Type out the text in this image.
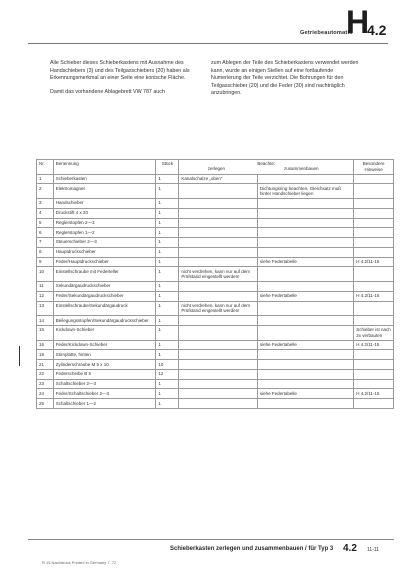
Getriebeautomatik
H
4.2

Alle Schieber dieses Schieberkastens mit Ausnahme des Handschiebers (3) und des Teilgasschiebers (20) haben als Erkennungsmerkmal an einer Seite eine konische Fläche.

Damit das vorhandene Ablagebrett VW 787 auch

zum Ablegen der Teile des Schieberkastens verwendet werden kann, wurde an einigen Stellen auf eine fortlaufende Numerierung der Teile verzichtet. Die Bohrungen für den Teilgasschieber (20) und die Feder (30) sind nachträglich anzubringen.

Nr.	Benennung	Stück	Beachte:
zerlegen zusammenbauen		Besondere Hinweise
1	Schieberkasten	1	Kanalschalze „oben“		
2	Elektromagnet	1		Dichtungsring beachten, Gleichsatz muß hinter Handschieber liegen	
3	Handschieber	1			
4	Druckstift 4 x 20	1			
5	Reglerstopfen 2—3	1			
6	Reglerstopfen 1—2	1			
7	Steuerschieber 2—3	1			
8	Hauptdruckschieber	1			
9	Feder/Hauptdruckschieber	1		siehe Federtabelle	H 4.2/11-15
10	Einstellschraube mit Federteller	1	nicht verdrehen, kann nur auf dem Prüfstand eingestellt werden!		
11	Sekundärgaudruckschieber	1			
12	Feder/Sekundärgaudruckschieber	1		siehe Federtabelle	H 4.2/11-15
13	Einstellschraube/Sekundärgaudruck	1	nicht verdrehen, kann nur auf dem Prüfstand eingestellt werden!		
14	Beilegungsstopfen/Sekundärgaudruckschieber	1			
15	Kickdown-Schieber	1			Schieber ist nach 2x verbauten
16	Feder/Kickdown-Schieber	1		siehe Federtabelle	H 4.2/11-15
19	Stirnplatte, hinten	1			
21	Zylinderschraube M 5 x 10	10			
22	Federscheibe B 5	12			
23	Schaltschieber 2—3	1			
24	Feder/Schaltschieber 2—3	1		siehe Federtabelle	H 4.2/11-15
25	Schaltschieber 1—2	1			
Schieberkasten zerlegen und zusammenbauen / für Typ 3 4.2 11-11
R 15 Nachdruck Printed in Germany 7. 72
